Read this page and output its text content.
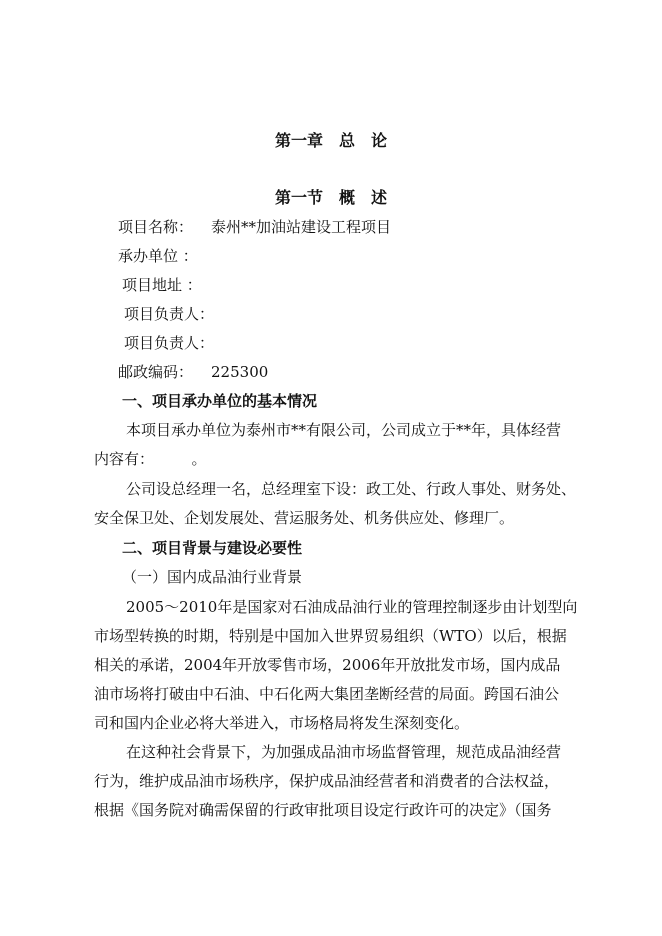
第一章　总　论
第一节　概　述
项目名称： 泰州**加油站建设工程项目
承办单位 ：
项目地址 ：
项目负责人：
项目负责人：
邮政编码： 225300
一、项目承办单位的基本情况
本项目承办单位为泰州市**有限公司，公司成立于**年，具体经营
内容有：　　　。
公司设总经理一名，总经理室下设：政工处、行政人事处、财务处、
安全保卫处、企划发展处、营运服务处、机务供应处、修理厂。
二、项目背景与建设必要性
（一）国内成品油行业背景
2005～2010年是国家对石油成品油行业的管理控制逐步由计划型向
市场型转换的时期，特别是中国加入世界贸易组织（WTO）以后，根据
相关的承诺，2004年开放零售市场，2006年开放批发市场，国内成品
油市场将打破由中石油、中石化两大集团垄断经营的局面。跨国石油公
司和国内企业必将大举进入，市场格局将发生深刻变化。
在这种社会背景下，为加强成品油市场监督管理，规范成品油经营
行为，维护成品油市场秩序，保护成品油经营者和消费者的合法权益，
根据《国务院对确需保留的行政审批项目设定行政许可的决定》（国务
